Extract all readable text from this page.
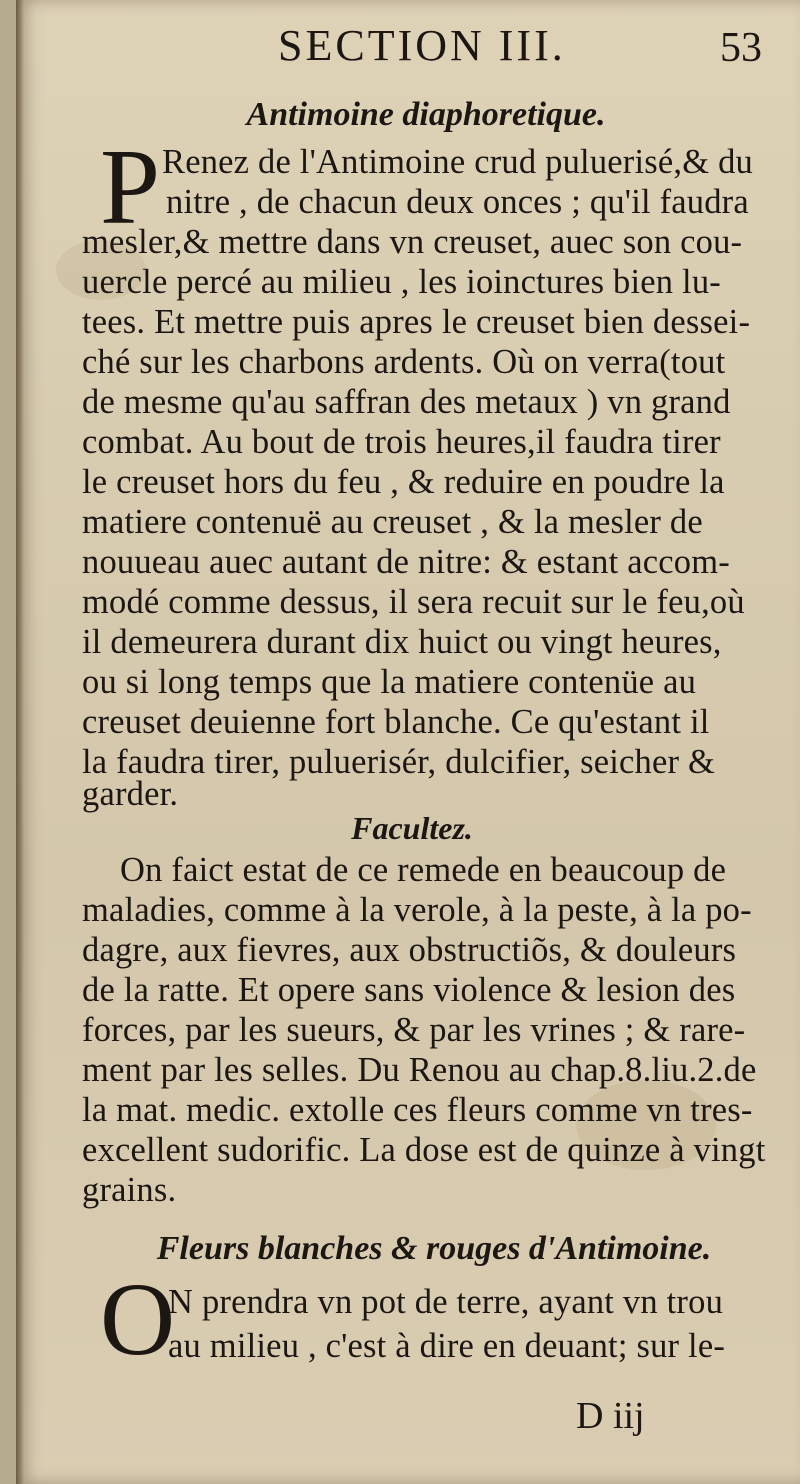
SECTION III.	53
Antimoine diaphoretique.
P Renez de l'Antimoine crud puluerisé,& du
nitre , de chacun deux onces ; qu'il faudra
mesler,& mettre dans vn creuset, auec son cou-
uercle percé au milieu , les ioinctures bien lu-
tees. Et mettre puis apres le creuset bien dessei-
ché sur les charbons ardents. Où on verra(tout
de mesme qu'au saffran des metaux ) vn grand
combat. Au bout de trois heures,il faudra tirer
le creuset hors du feu , & reduire en poudre la
matiere contenuë au creuset , & la mesler de
nouueau auec autant de nitre: & estant accom-
modé comme dessus, il sera recuit sur le feu,où
il demeurera durant dix huict ou vingt heures,
ou si long temps que la matiere contenüe au
creuset deuienne fort blanche. Ce qu'estant il
la faudra tirer, puluerisér, dulcifier, seicher &
garder.
Facultez.
On faict estat de ce remede en beaucoup de
maladies, comme à la verole, à la peste, à la po-
dagre, aux fievres, aux obstructiõs, & douleurs
de la ratte. Et opere sans violence & lesion des
forces, par les sueurs, & par les vrines ; & rare-
ment par les selles. Du Renou au chap.8.liu.2.de
la mat. medic. extolle ces fleurs comme vn tres-
excellent sudorific. La dose est de quinze à vingt
grains.
Fleurs blanches & rouges d'Antimoine.
O
N prendra vn pot de terre, ayant vn trou
au milieu , c'est à dire en deuant; sur le-
D iij
